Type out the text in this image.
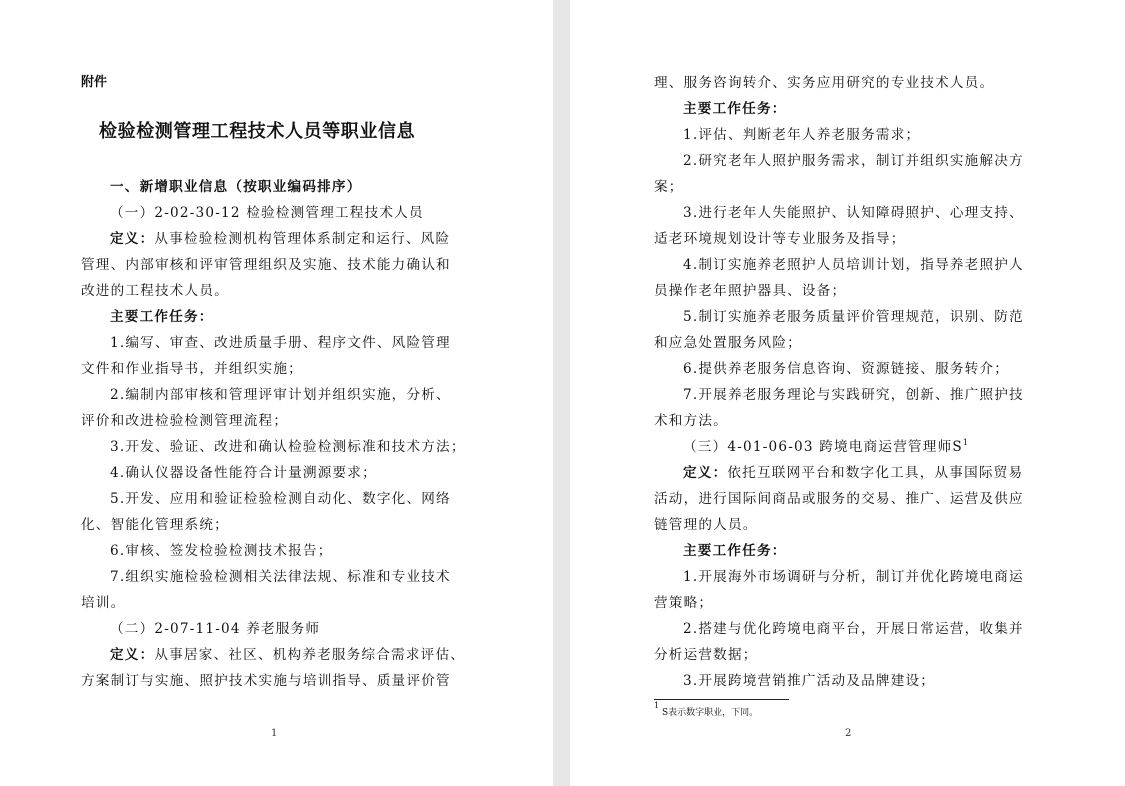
附件
检验检测管理工程技术人员等职业信息
一、新增职业信息（按职业编码排序）
（一）2-02-30-12 检验检测管理工程技术人员
定义：从事检验检测机构管理体系制定和运行、风险
管理、内部审核和评审管理组织及实施、技术能力确认和
改进的工程技术人员。
主要工作任务：
1.编写、审查、改进质量手册、程序文件、风险管理
文件和作业指导书，并组织实施；
2.编制内部审核和管理评审计划并组织实施，分析、
评价和改进检验检测管理流程；
3.开发、验证、改进和确认检验检测标准和技术方法；
4.确认仪器设备性能符合计量溯源要求；
5.开发、应用和验证检验检测自动化、数字化、网络
化、智能化管理系统；
6.审核、签发检验检测技术报告；
7.组织实施检验检测相关法律法规、标准和专业技术
培训。
（二）2-07-11-04 养老服务师
定义：从事居家、社区、机构养老服务综合需求评估、
方案制订与实施、照护技术实施与培训指导、质量评价管
1
理、服务咨询转介、实务应用研究的专业技术人员。
主要工作任务：
1.评估、判断老年人养老服务需求；
2.研究老年人照护服务需求，制订并组织实施解决方
案；
3.进行老年人失能照护、认知障碍照护、心理支持、
适老环境规划设计等专业服务及指导；
4.制订实施养老照护人员培训计划，指导养老照护人
员操作老年照护器具、设备；
5.制订实施养老服务质量评价管理规范，识别、防范
和应急处置服务风险；
6.提供养老服务信息咨询、资源链接、服务转介；
7.开展养老服务理论与实践研究，创新、推广照护技
术和方法。
（三）4-01-06-03 跨境电商运营管理师$S^1$
定义：依托互联网平台和数字化工具，从事国际贸易
活动，进行国际间商品或服务的交易、推广、运营及供应
链管理的人员。
主要工作任务：
1.开展海外市场调研与分析，制订并优化跨境电商运
营策略；
2.搭建与优化跨境电商平台，开展日常运营，收集并
分析运营数据；
3.开展跨境营销推广活动及品牌建设；
$^1$ S表示数字职业，下同。
2
